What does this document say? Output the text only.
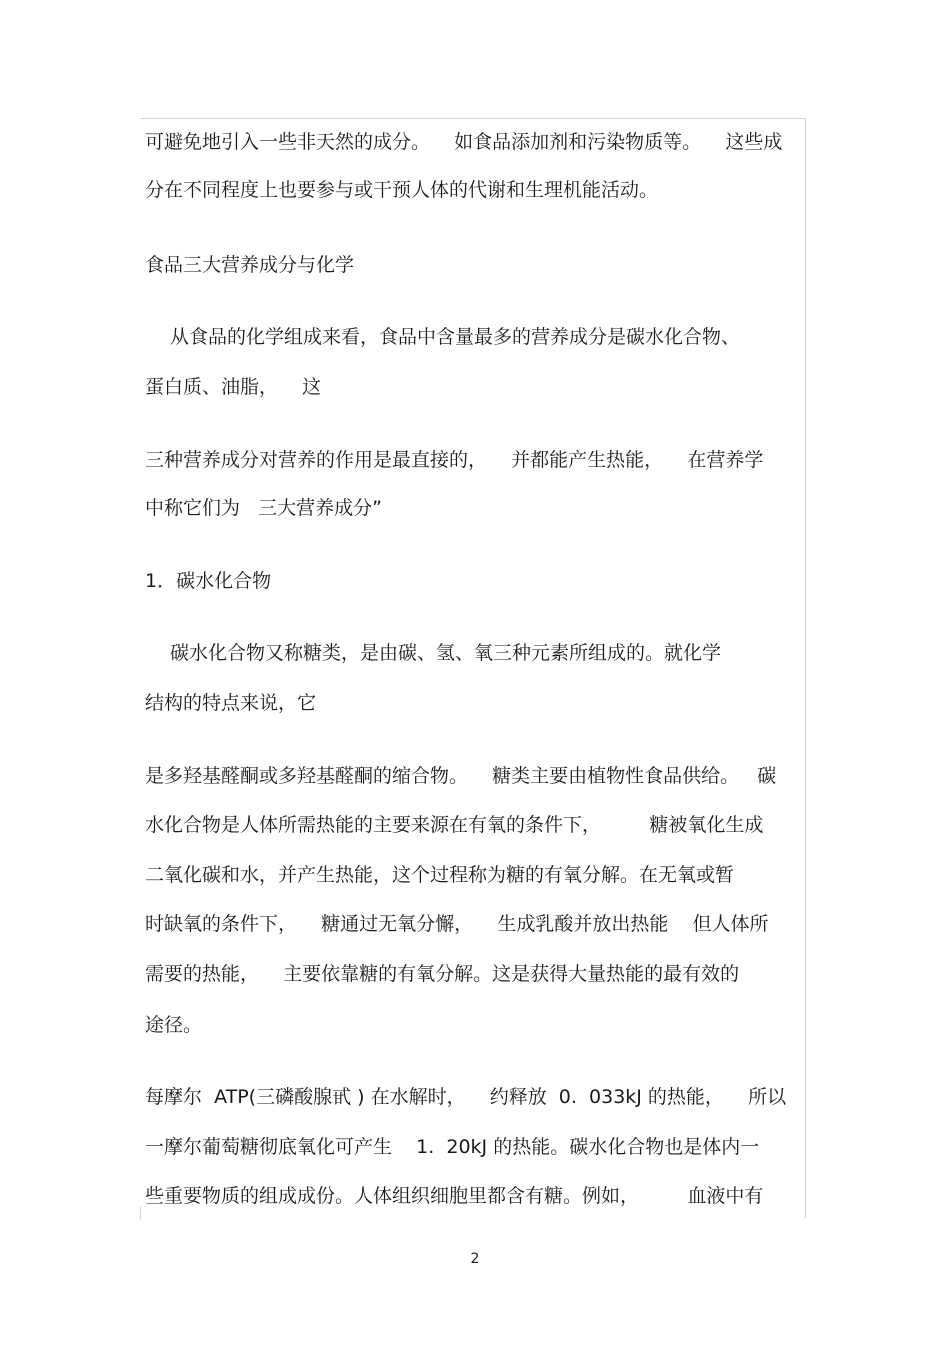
可避免地引入一些非天然的成分。    如食品添加剂和污染物质等。    这些成
分在不同程度上也要参与或干预人体的代谢和生理机能活动。
食品三大营养成分与化学
从食品的化学组成来看，食品中含量最多的营养成分是碳水化合物、
蛋白质、油脂，    这
三种营养成分对营养的作用是最直接的，    并都能产生热能，    在营养学
中称它们为   三大营养成分”
1．碳水化合物
碳水化合物又称糖类，是由碳、氢、氧三种元素所组成的。就化学
结构的特点来说，它
是多羟基醛酮或多羟基醛酮的缩合物。    糖类主要由植物性食品供给。   碳
水化合物是人体所需热能的主要来源在有氧的条件下，        糖被氧化生成
二氧化碳和水，并产生热能，这个过程称为糖的有氧分解。在无氧或暂
时缺氧的条件下，    糖通过无氧分懈，    生成乳酸并放出热能    但人体所
需要的热能，    主要依靠糖的有氧分解。这是获得大量热能的最有效的
途径。
每摩尔  ATP(三磷酸腺甙 ) 在水解时，    约释放  0.  033kJ 的热能，    所以
一摩尔葡萄糖彻底氧化可产生    1.  20kJ 的热能。碳水化合物也是体内一
些重要物质的组成成份。人体组织细胞里都含有糖。例如，        血液中有
2
